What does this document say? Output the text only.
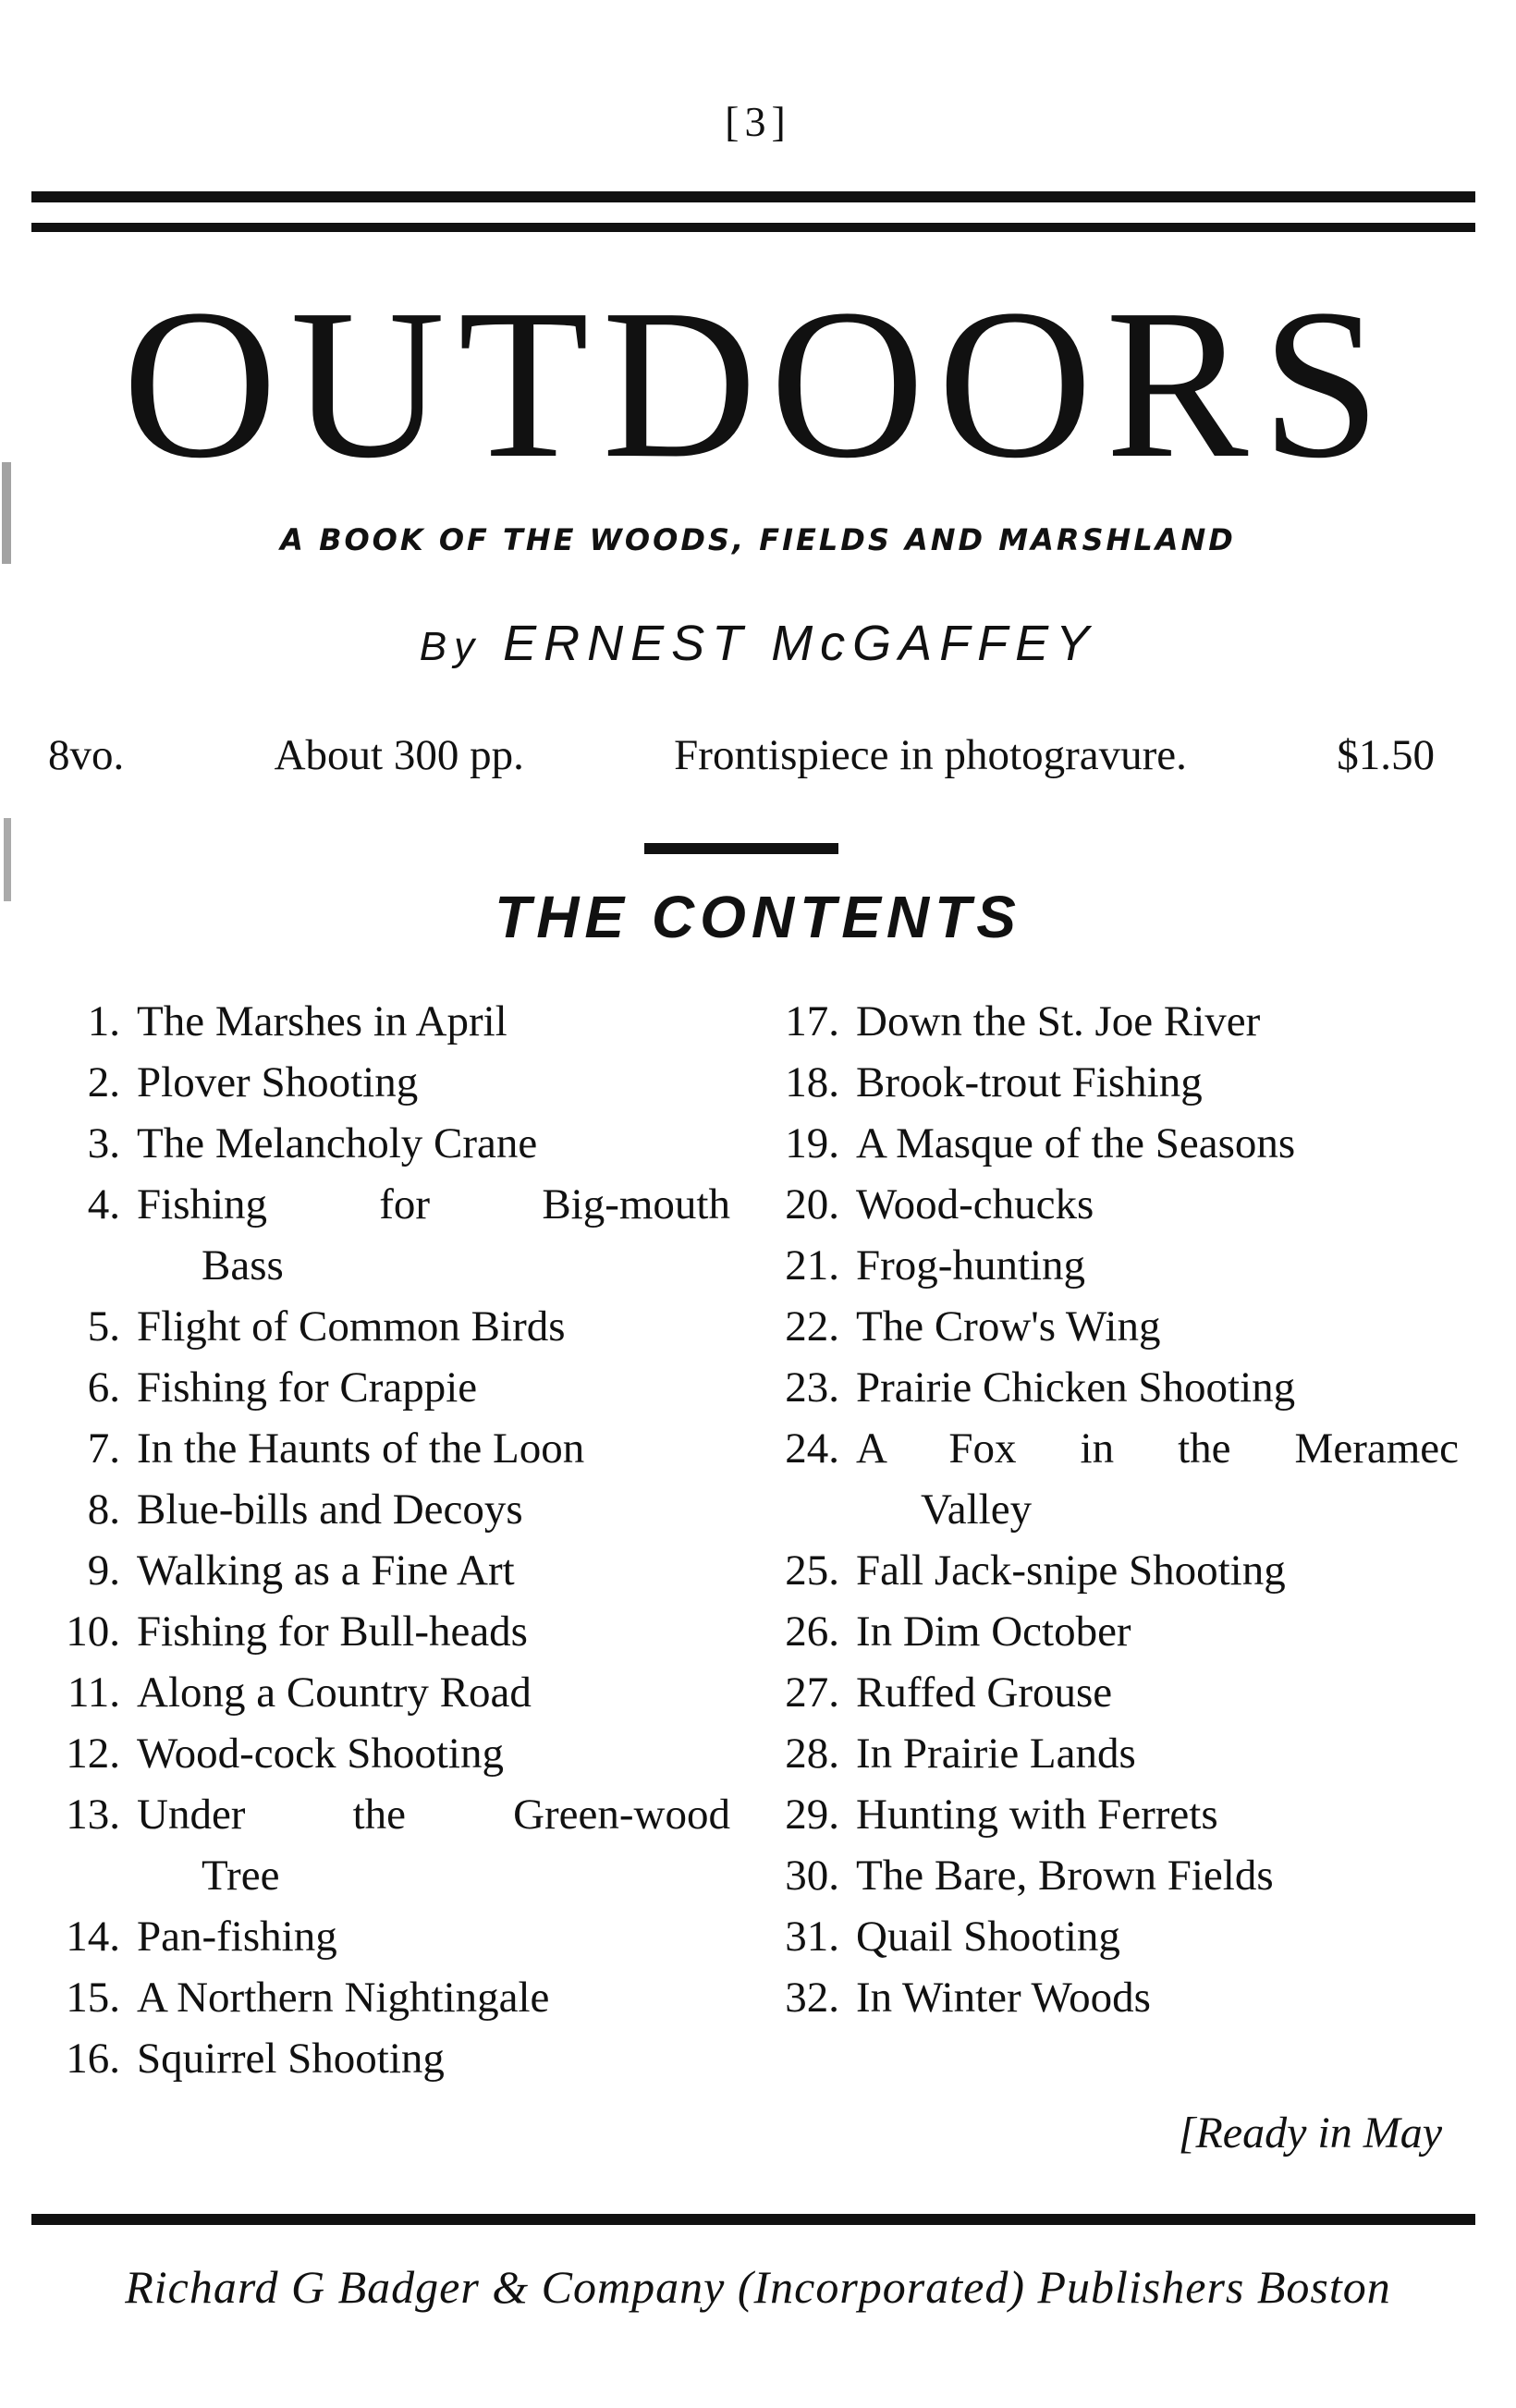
[3]
OUTDOORS
A BOOK OF THE WOODS, FIELDS AND MARSHLAND
By ERNEST McGAFFEY
8vo.	About 300 pp.	Frontispiece in photogravure.	$1.50
THE CONTENTS
1. The Marshes in April
2. Plover Shooting
3. The Melancholy Crane
4. Fishing for Big-mouth
Bass
5. Flight of Common Birds
6. Fishing for Crappie
7. In the Haunts of the Loon
8. Blue-bills and Decoys
9. Walking as a Fine Art
10. Fishing for Bull-heads
11. Along a Country Road
12. Wood-cock Shooting
13. Under the Green-wood
Tree
14. Pan-fishing
15. A Northern Nightingale
16. Squirrel Shooting
17. Down the St. Joe River
18. Brook-trout Fishing
19. A Masque of the Seasons
20. Wood-chucks
21. Frog-hunting
22. The Crow's Wing
23. Prairie Chicken Shooting
24. A Fox in the Meramec
Valley
25. Fall Jack-snipe Shooting
26. In Dim October
27. Ruffed Grouse
28. In Prairie Lands
29. Hunting with Ferrets
30. The Bare, Brown Fields
31. Quail Shooting
32. In Winter Woods
[Ready in May
Richard G Badger & Company (Incorporated) Publishers Boston
